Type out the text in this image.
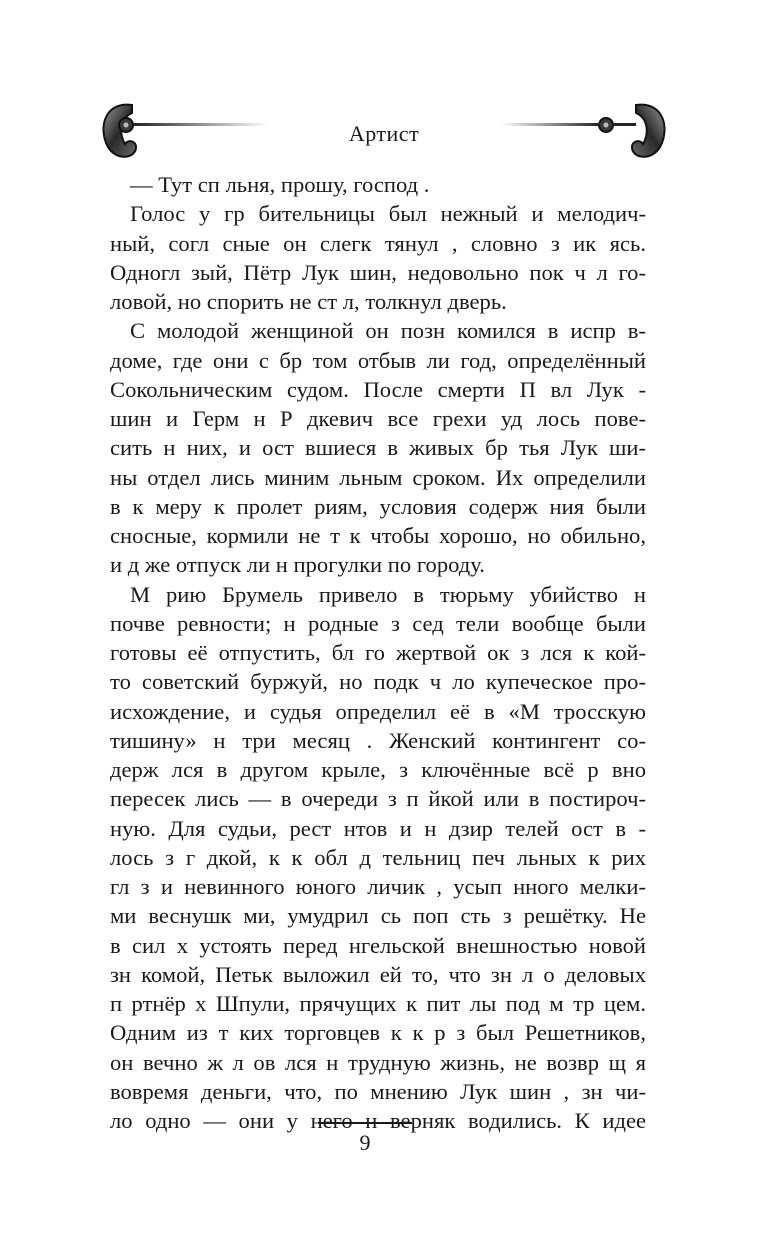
Артист
— Тут сп льня, прошу, господ .
Голос у гр бительницы был нежный и мелодич-
ный, согл сные он слегк тянул , словно з ик ясь.
Одногл зый, Пётр Лук шин, недовольно пок ч л го-
ловой, но спорить не ст л, толкнул дверь.
С молодой женщиной он позн комился в испр в-
доме, где они с бр том отбыв ли год, определённый
Сокольническим судом. После смерти П вл Лук -
шин и Герм н Р дкевич все грехи уд лось пове-
сить н них, и ост вшиеся в живых бр тья Лук ши-
ны отдел лись миним льным сроком. Их определили
в к меру к пролет риям, условия содерж ния были
сносные, кормили не т к чтобы хорошо, но обильно,
и д же отпуск ли н прогулки по городу.
М рию Брумель привело в тюрьму убийство н
почве ревности; н родные з сед тели вообще были
готовы её отпустить, бл го жертвой ок з лся к кой-
то советский буржуй, но подк ч ло купеческое про-
исхождение, и судья определил её в «М тросскую
тишину» н три месяц . Женский контингент со-
держ лся в другом крыле, з ключённые всё р вно
пересек лись — в очереди з п йкой или в постироч-
ную. Для судьи, рест нтов и н дзир телей ост в -
лось з г дкой, к к обл д тельниц печ льных к рих
гл з и невинного юного личик , усып нного мелки-
ми веснушк ми, умудрил сь поп сть з решётку. Не
в сил х устоять перед нгельской внешностью новой
зн комой, Петьк выложил ей то, что зн л о деловых
п ртнёр х Шпули, прячущих к пит лы под м тр цем.
Одним из т ких торговцев к к р з был Решетников,
он вечно ж л ов лся н трудную жизнь, не возвр щ я
вовремя деньги, что, по мнению Лук шин , зн чи-
ло одно — они у него н верняк водились. К идее
9
